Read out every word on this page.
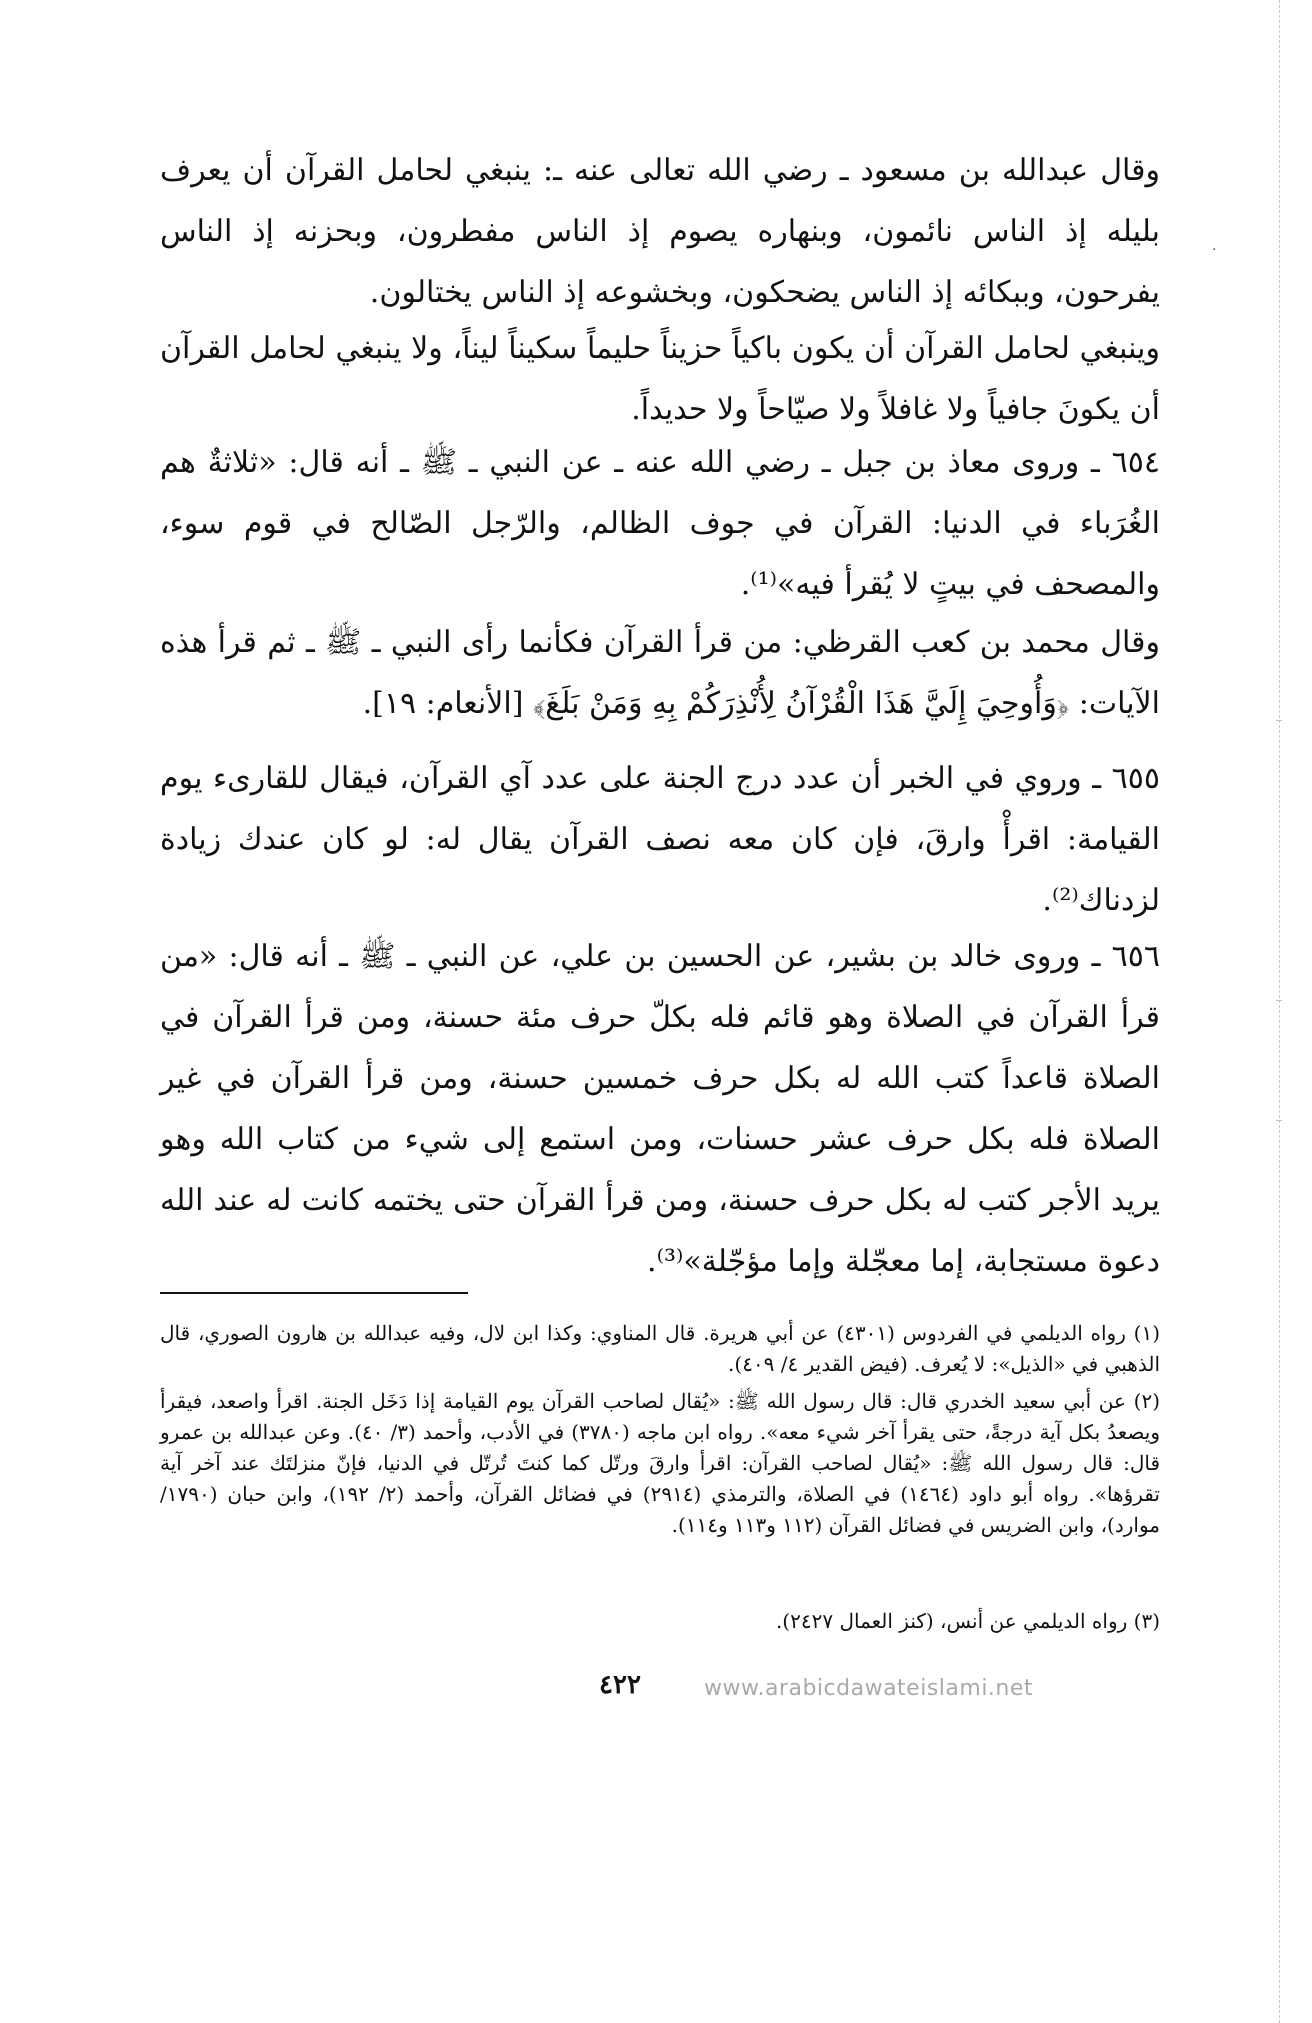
·
وقال عبدالله بن مسعود ـ رضي الله تعالى عنه ـ: ينبغي لحامل القرآن أن يعرف بليله إذ الناس نائمون، وبنهاره يصوم إذ الناس مفطرون، وبحزنه إذ الناس يفرحون، وببكائه إذ الناس يضحكون، وبخشوعه إذ الناس يختالون.
وينبغي لحامل القرآن أن يكون باكياً حزيناً حليماً سكيناً ليناً، ولا ينبغي لحامل القرآن أن يكونَ جافياً ولا غافلاً ولا صيّاحاً ولا حديداً.
٦٥٤ ـ وروى معاذ بن جبل ـ رضي الله عنه ـ عن النبي ـ ﷺ ـ أنه قال: «ثلاثةٌ هم الغُرَباء في الدنيا: القرآن في جوف الظالم، والرّجل الصّالح في قوم سوء، والمصحف في بيتٍ لا يُقرأ فيه»⁽¹⁾.
وقال محمد بن كعب القرظي: من قرأ القرآن فكأنما رأى النبي ـ ﷺ ـ ثم قرأ هذه الآيات: ﴿وَأُوحِيَ إِلَيَّ هَذَا الْقُرْآنُ لِأُنْذِرَكُمْ بِهِ وَمَنْ بَلَغَ﴾ [الأنعام: ١٩].
٦٥٥ ـ وروي في الخبر أن عدد درج الجنة على عدد آي القرآن، فيقال للقارىء يوم القيامة: اقرأْ وارقَ، فإن كان معه نصف القرآن يقال له: لو كان عندك زيادة لزدناك⁽²⁾.
٦٥٦ ـ وروى خالد بن بشير، عن الحسين بن علي، عن النبي ـ ﷺ ـ أنه قال: «من قرأ القرآن في الصلاة وهو قائم فله بكلّ حرف مئة حسنة، ومن قرأ القرآن في الصلاة قاعداً كتب الله له بكل حرف خمسين حسنة، ومن قرأ القرآن في غير الصلاة فله بكل حرف عشر حسنات، ومن استمع إلى شيء من كتاب الله وهو يريد الأجر كتب له بكل حرف حسنة، ومن قرأ القرآن حتى يختمه كانت له عند الله دعوة مستجابة، إما معجّلة وإما مؤجّلة»⁽³⁾.
(١) رواه الديلمي في الفردوس (٤٣٠١) عن أبي هريرة. قال المناوي: وكذا ابن لال، وفيه عبدالله بن هارون الصوري، قال الذهبي في «الذيل»: لا يُعرف. (فيض القدير ٤/ ٤٠٩).
(٢) عن أبي سعيد الخدري قال: قال رسول الله ﷺ: «يُقال لصاحب القرآن يوم القيامة إذا دَخَل الجنة. اقرأ واصعد، فيقرأ ويصعدُ بكل آية درجةً، حتى يقرأ آخر شيء معه». رواه ابن ماجه (٣٧٨٠) في الأدب، وأحمد (٣/ ٤٠). وعن عبدالله بن عمرو قال: قال رسول الله ﷺ: «يُقال لصاحب القرآن: اقرأ وارقَ ورتّل كما كنتَ تُرتّل في الدنيا، فإنّ منزلتَك عند آخر آية تقرؤها». رواه أبو داود (١٤٦٤) في الصلاة، والترمذي (٢٩١٤) في فضائل القرآن، وأحمد (٢/ ١٩٢)، وابن حبان (١٧٩٠/ موارد)، وابن الضريس في فضائل القرآن (١١٢ و١١٣ و١١٤).
(٣) رواه الديلمي عن أنس، (كنز العمال ٢٤٢٧).
٤٢٢	www.arabicdawateislami.net
